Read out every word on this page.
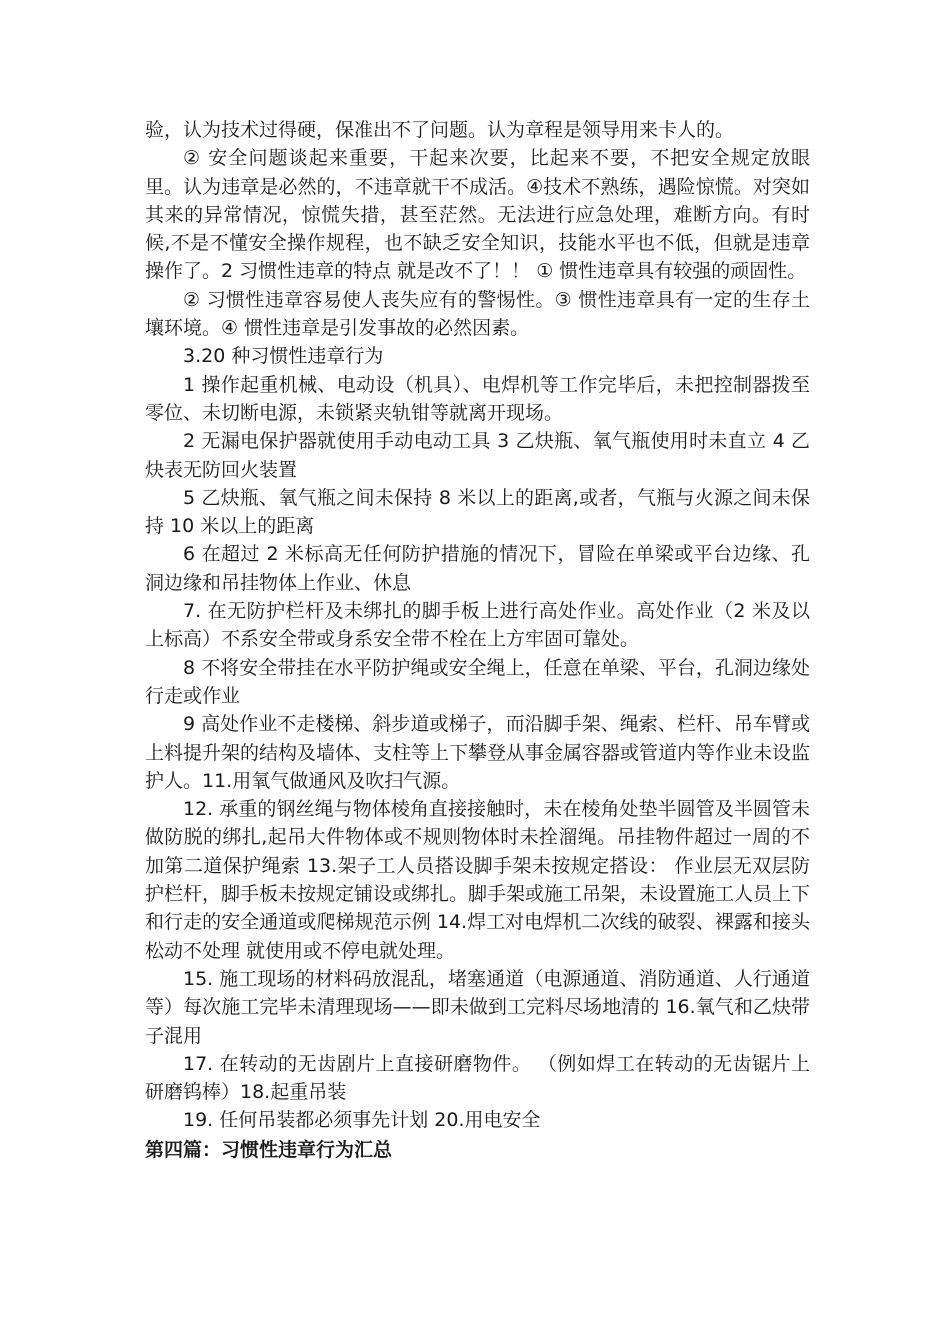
验，认为技术过得硬，保准出不了问题。认为章程是领导用来卡人的。

② 安全问题谈起来重要，干起来次要，比起来不要，不把安全规定放眼里。认为违章是必然的，不违章就干不成活。④技术不熟练，遇险惊慌。对突如其来的异常情况，惊慌失措，甚至茫然。无法进行应急处理，难断方向。有时候,不是不懂安全操作规程，也不缺乏安全知识，技能水平也不低，但就是违章操作了。2 习惯性违章的特点 就是改不了！！ ① 惯性违章具有较强的顽固性。

② 习惯性违章容易使人丧失应有的警惕性。③ 惯性违章具有一定的生存土壤环境。④ 惯性违章是引发事故的必然因素。

3.20 种习惯性违章行为

1 操作起重机械、电动设（机具）、电焊机等工作完毕后，未把控制器拨至零位、未切断电源，未锁紧夹轨钳等就离开现场。

2 无漏电保护器就使用手动电动工具 3 乙炔瓶、氧气瓶使用时未直立 4 乙炔表无防回火装置

5 乙炔瓶、氧气瓶之间未保持 8 米以上的距离,或者，气瓶与火源之间未保持 10 米以上的距离

6 在超过 2 米标高无任何防护措施的情况下，冒险在单梁或平台边缘、孔洞边缘和吊挂物体上作业、休息

7. 在无防护栏杆及未绑扎的脚手板上进行高处作业。高处作业（2 米及以上标高）不系安全带或身系安全带不栓在上方牢固可靠处。

8 不将安全带挂在水平防护绳或安全绳上，任意在单梁、平台，孔洞边缘处行走或作业

9 高处作业不走楼梯、斜步道或梯子，而沿脚手架、绳索、栏杆、吊车臂或上料提升架的结构及墙体、支柱等上下攀登从事金属容器或管道内等作业未设监护人。11.用氧气做通风及吹扫气源。

12. 承重的钢丝绳与物体棱角直接接触时，未在棱角处垫半圆管及半圆管未做防脱的绑扎,起吊大件物体或不规则物体时未拴溜绳。吊挂物件超过一周的不加第二道保护绳索 13.架子工人员搭设脚手架未按规定搭设： 作业层无双层防护栏杆，脚手板未按规定铺设或绑扎。脚手架或施工吊架，未设置施工人员上下和行走的安全通道或爬梯规范示例 14.焊工对电焊机二次线的破裂、裸露和接头松动不处理 就使用或不停电就处理。

15. 施工现场的材料码放混乱，堵塞通道（电源通道、消防通道、人行通道等）每次施工完毕未清理现场——即未做到工完料尽场地清的 16.氧气和乙炔带子混用

17. 在转动的无齿剧片上直接研磨物件。 （例如焊工在转动的无齿锯片上研磨钨棒）18.起重吊装

19. 任何吊装都必须事先计划 20.用电安全

第四篇：习惯性违章行为汇总
